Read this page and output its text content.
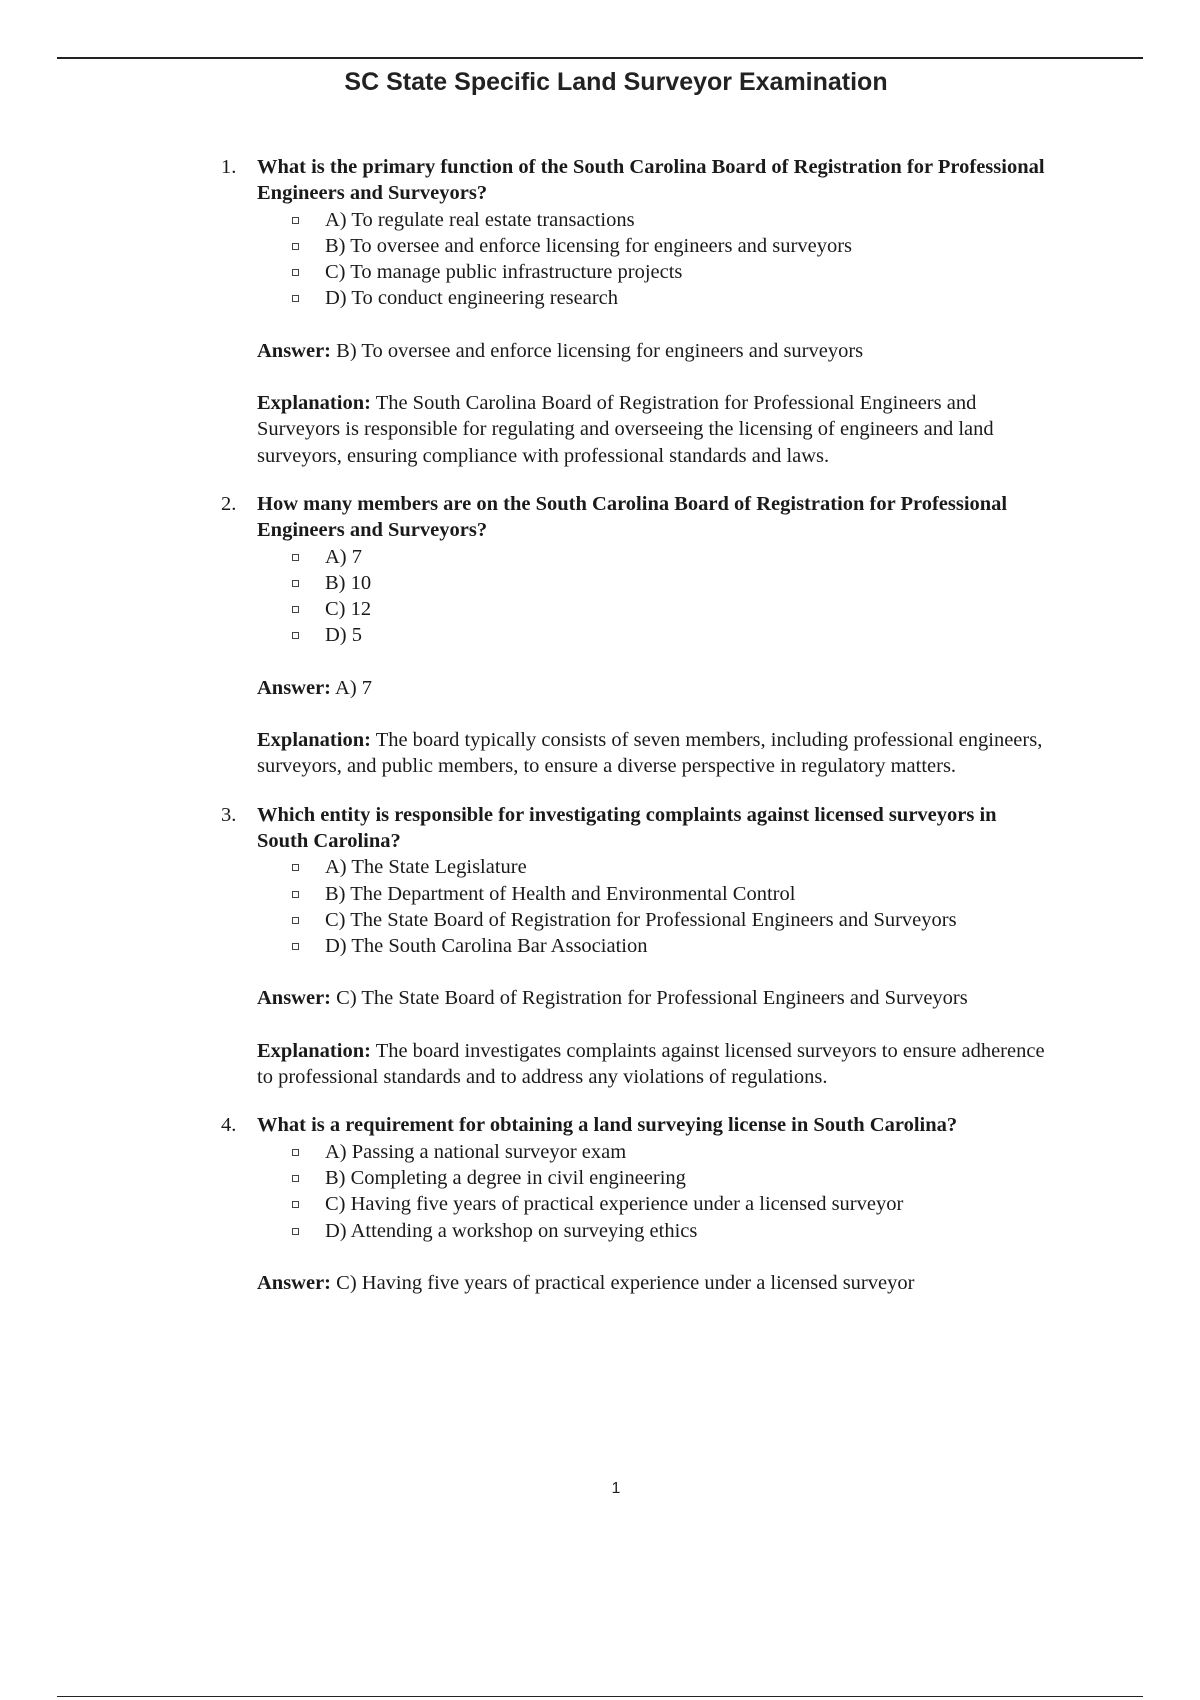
SC State Specific Land Surveyor Examination
1. What is the primary function of the South Carolina Board of Registration for Professional Engineers and Surveyors?
A) To regulate real estate transactions
B) To oversee and enforce licensing for engineers and surveyors
C) To manage public infrastructure projects
D) To conduct engineering research
Answer: B) To oversee and enforce licensing for engineers and surveyors
Explanation: The South Carolina Board of Registration for Professional Engineers and Surveyors is responsible for regulating and overseeing the licensing of engineers and land surveyors, ensuring compliance with professional standards and laws.
2. How many members are on the South Carolina Board of Registration for Professional Engineers and Surveyors?
A) 7
B) 10
C) 12
D) 5
Answer: A) 7
Explanation: The board typically consists of seven members, including professional engineers, surveyors, and public members, to ensure a diverse perspective in regulatory matters.
3. Which entity is responsible for investigating complaints against licensed surveyors in South Carolina?
A) The State Legislature
B) The Department of Health and Environmental Control
C) The State Board of Registration for Professional Engineers and Surveyors
D) The South Carolina Bar Association
Answer: C) The State Board of Registration for Professional Engineers and Surveyors
Explanation: The board investigates complaints against licensed surveyors to ensure adherence to professional standards and to address any violations of regulations.
4. What is a requirement for obtaining a land surveying license in South Carolina?
A) Passing a national surveyor exam
B) Completing a degree in civil engineering
C) Having five years of practical experience under a licensed surveyor
D) Attending a workshop on surveying ethics
Answer: C) Having five years of practical experience under a licensed surveyor
1
